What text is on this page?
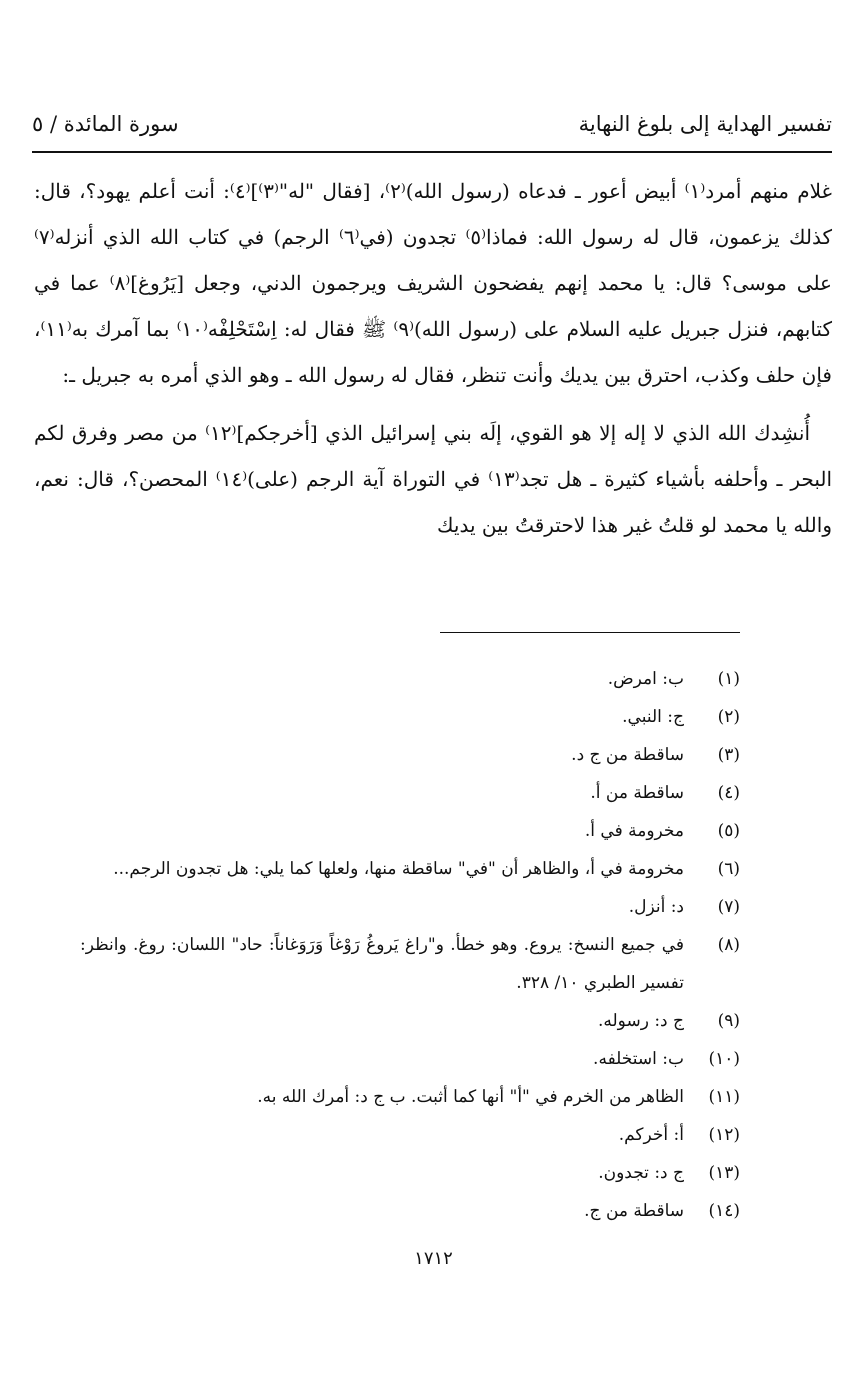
تفسير الهداية إلى بلوغ النهاية
سورة المائدة / ٥

غلام منهم أمرد⁽١⁾ أبيض أعور ـ فدعاه (رسول الله)⁽٢⁾، [فقال "له"⁽٣⁾]⁽٤⁾: أنت أعلم يهود؟، قال: كذلك يزعمون، قال له رسول الله: فماذا⁽٥⁾ تجدون (في⁽٦⁾ الرجم) في كتاب الله الذي أنزله⁽٧⁾ على موسى؟ قال: يا محمد إنهم يفضحون الشريف ويرجمون الدني، وجعل [يَرُوغ]⁽٨⁾ عما في كتابهم، فنزل جبريل عليه السلام على (رسول الله)⁽٩⁾ ﷺ فقال له: اِسْتَحْلِفْه⁽١٠⁾ بما آمرك به⁽١١⁾، فإن حلف وكذب، احترق بين يديك وأنت تنظر، فقال له رسول الله ـ وهو الذي أمره به جبريل ـ:

أُنشِدك الله الذي لا إله إلا هو القوي، إلَه بني إسرائيل الذي [أخرجكم]⁽١٢⁾ من مصر وفرق لكم البحر ـ وأحلفه بأشياء كثيرة ـ هل تجد⁽١٣⁾ في التوراة آية الرجم (على)⁽١٤⁾ المحصن؟، قال: نعم، والله يا محمد لو قلتُ غير هذا لاحترقتُ بين يديك

(١)
ب: امرض.
(٢)
ج: النبي.
(٣)
ساقطة من ج د.
(٤)
ساقطة من أ.
(٥)
مخرومة في أ.
(٦)
مخرومة في أ، والظاهر أن "في" ساقطة منها، ولعلها كما يلي: هل تجدون الرجم...
(٧)
د: أنزل.
(٨)
في جميع النسخ: يروع. وهو خطأ. و"راغ يَروغُ رَوْغاً وَرَوَغاناً: حاد" اللسان: روغ. وانظر: تفسير الطبري ١٠/ ٣٢٨.
(٩)
ج د: رسوله.
(١٠)
ب: استخلفه.
(١١)
الظاهر من الخرم في "أ" أنها كما أثبت. ب ج د: أمرك الله به.
(١٢)
أ: أخركم.
(١٣)
ج د: تجدون.
(١٤)
ساقطة من ج.
١٧١٢
